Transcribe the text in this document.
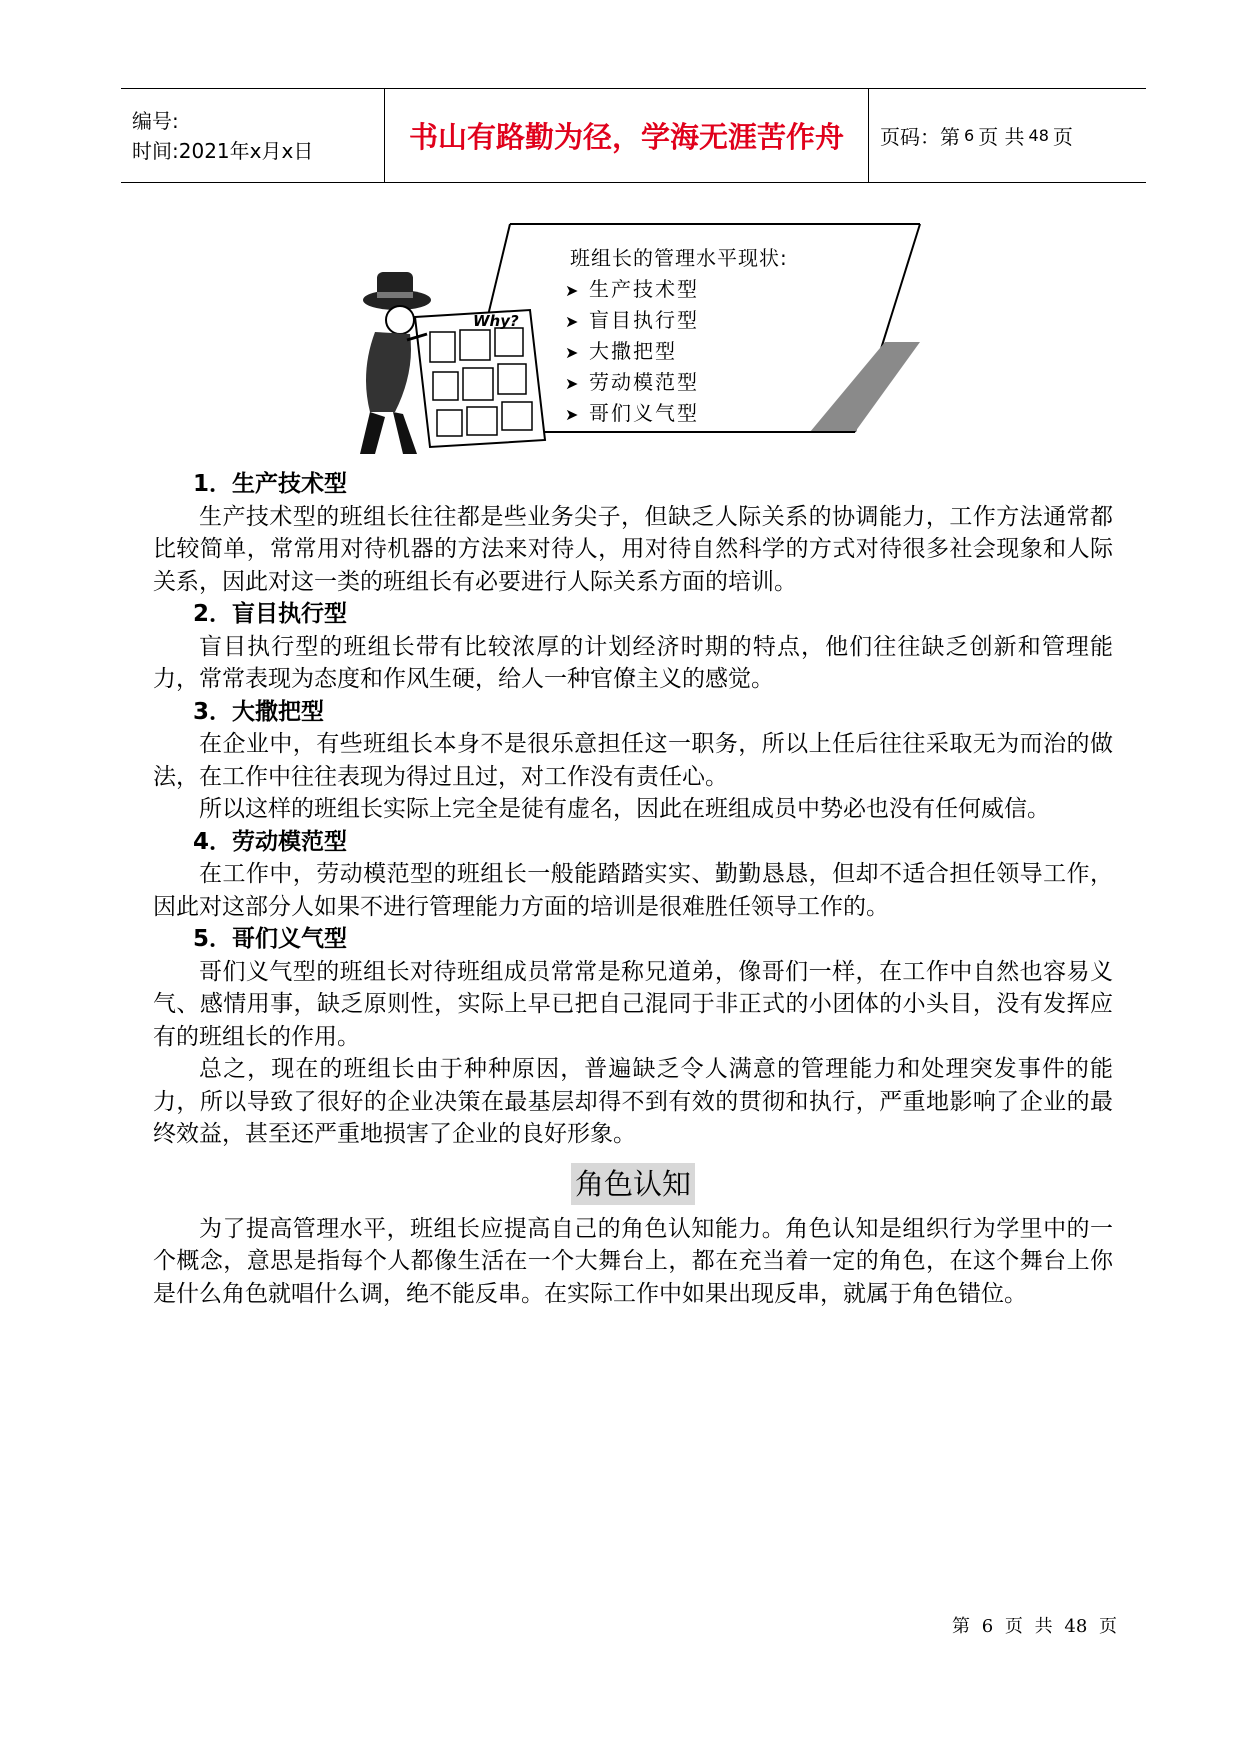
编号:
时间:2021年x月x日	书山有路勤为径，学海无涯苦作舟	页码：第 6 页 共 48 页
Why?
班组长的管理水平现状:
➤ 生产技术型
➤ 盲目执行型
➤ 大撒把型
➤ 劳动模范型
➤ 哥们义气型
1．生产技术型

生产技术型的班组长往往都是些业务尖子，但缺乏人际关系的协调能力，工作方法通常都比较简单，常常用对待机器的方法来对待人，用对待自然科学的方式对待很多社会现象和人际关系，因此对这一类的班组长有必要进行人际关系方面的培训。

2．盲目执行型

盲目执行型的班组长带有比较浓厚的计划经济时期的特点，他们往往缺乏创新和管理能力，常常表现为态度和作风生硬，给人一种官僚主义的感觉。

3．大撒把型

在企业中，有些班组长本身不是很乐意担任这一职务，所以上任后往往采取无为而治的做法，在工作中往往表现为得过且过，对工作没有责任心。

所以这样的班组长实际上完全是徒有虚名，因此在班组成员中势必也没有任何威信。

4．劳动模范型

在工作中，劳动模范型的班组长一般能踏踏实实、勤勤恳恳，但却不适合担任领导工作，因此对这部分人如果不进行管理能力方面的培训是很难胜任领导工作的。

5．哥们义气型

哥们义气型的班组长对待班组成员常常是称兄道弟，像哥们一样，在工作中自然也容易义气、感情用事，缺乏原则性，实际上早已把自己混同于非正式的小团体的小头目，没有发挥应有的班组长的作用。

总之，现在的班组长由于种种原因，普遍缺乏令人满意的管理能力和处理突发事件的能力，所以导致了很好的企业决策在最基层却得不到有效的贯彻和执行，严重地影响了企业的最终效益，甚至还严重地损害了企业的良好形象。

角色认知

为了提高管理水平，班组长应提高自己的角色认知能力。角色认知是组织行为学里中的一个概念，意思是指每个人都像生活在一个大舞台上，都在充当着一定的角色，在这个舞台上你是什么角色就唱什么调，绝不能反串。在实际工作中如果出现反串，就属于角色错位。

第 6 页 共 48 页
